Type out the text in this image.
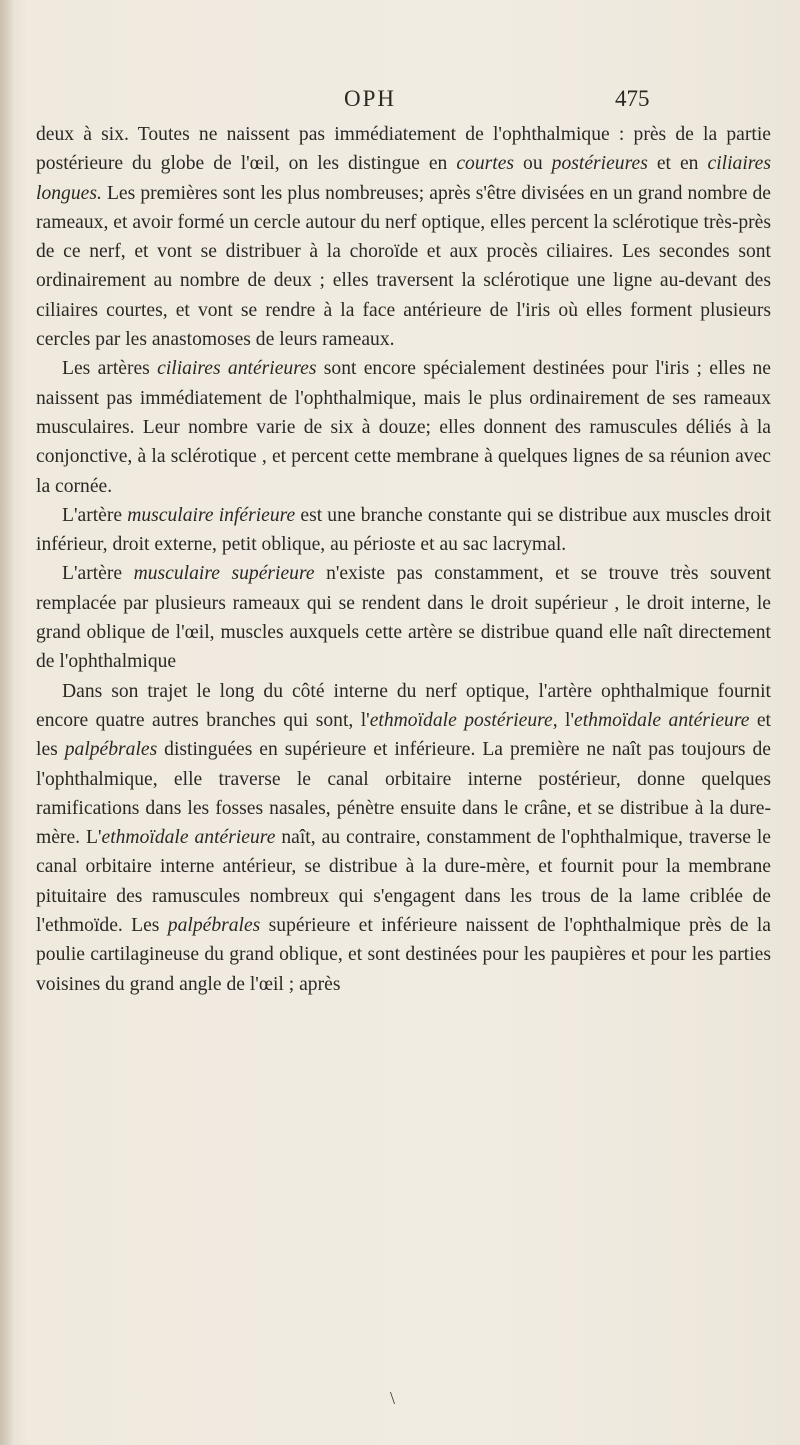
OPH	475

deux à six. Toutes ne naissent pas immédiatement de l'ophthalmique : près de la partie postérieure du globe de l'œil, on les distingue en courtes ou postérieures et en ciliaires longues. Les premières sont les plus nombreuses; après s'être divisées en un grand nombre de rameaux, et avoir formé un cercle autour du nerf optique, elles percent la sclérotique très-près de ce nerf, et vont se distribuer à la choroïde et aux procès ciliaires. Les secondes sont ordinairement au nombre de deux ; elles traversent la sclérotique une ligne au-devant des ciliaires courtes, et vont se rendre à la face antérieure de l'iris où elles forment plusieurs cercles par les anastomoses de leurs rameaux.

Les artères ciliaires antérieures sont encore spécialement destinées pour l'iris ; elles ne naissent pas immédiatement de l'ophthalmique, mais le plus ordinairement de ses rameaux musculaires. Leur nombre varie de six à douze; elles donnent des ramuscules déliés à la conjonctive, à la sclérotique , et percent cette membrane à quelques lignes de sa réunion avec la cornée.

L'artère musculaire inférieure est une branche constante qui se distribue aux muscles droit inférieur, droit externe, petit oblique, au périoste et au sac lacrymal.

L'artère musculaire supérieure n'existe pas constamment, et se trouve très souvent remplacée par plusieurs rameaux qui se rendent dans le droit supérieur , le droit interne, le grand oblique de l'œil, muscles auxquels cette artère se distribue quand elle naît directement de l'ophthalmique

Dans son trajet le long du côté interne du nerf optique, l'artère ophthalmique fournit encore quatre autres branches qui sont, l'ethmoïdale postérieure, l'ethmoïdale antérieure et les palpébrales distinguées en supérieure et inférieure. La première ne naît pas toujours de l'ophthalmique, elle traverse le canal orbitaire interne postérieur, donne quelques ramifications dans les fosses nasales, pénètre ensuite dans le crâne, et se distribue à la dure-mère. L'ethmoïdale antérieure naît, au contraire, constamment de l'ophthalmique, traverse le canal orbitaire interne antérieur, se distribue à la dure-mère, et fournit pour la membrane pituitaire des ramuscules nombreux qui s'engagent dans les trous de la lame criblée de l'ethmoïde. Les palpébrales supérieure et inférieure naissent de l'ophthalmique près de la poulie cartilagineuse du grand oblique, et sont destinées pour les paupières et pour les parties voisines du grand angle de l'œil ; après

\
